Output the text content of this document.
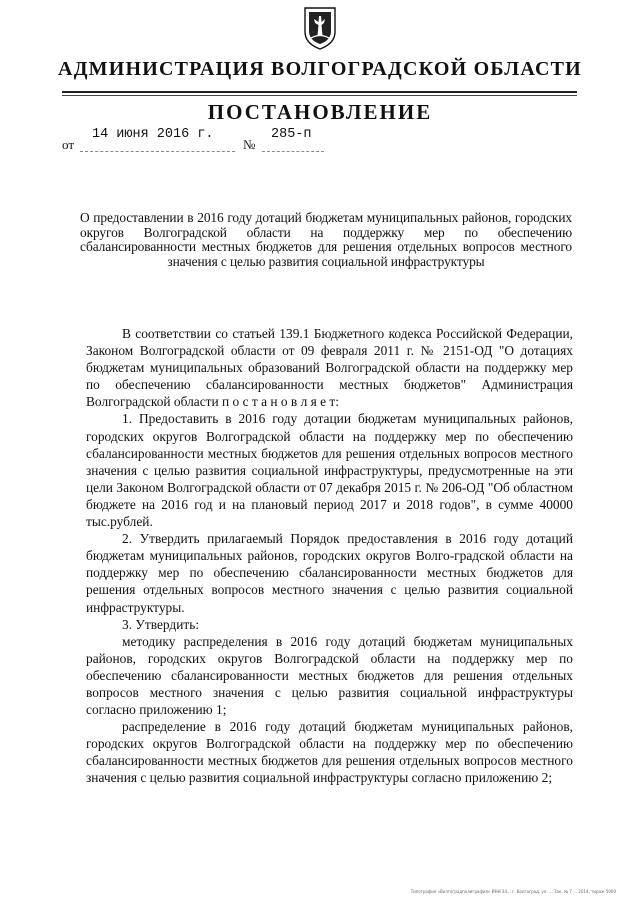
АДМИНИСТРАЦИЯ ВОЛГОГРАДСКОЙ ОБЛАСТИ
ПОСТАНОВЛЕНИЕ
от
14 июня 2016 г.
№
285-п
О предоставлении в 2016 году дотаций бюджетам муниципальных районов, городских округов Волгоградской области на поддержку мер по обеспечению сбалансированности местных бюджетов для решения отдельных вопросов местного значения с целью развития социальной инфраструктуры

В соответствии со статьей 139.1 Бюджетного кодекса Российской Федерации, Законом Волгоградской области от 09 февраля 2011 г. № 2151-ОД "О дотациях бюджетам муниципальных образований Волгоградской области на поддержку мер по обеспечению сбалансированности местных бюджетов" Администрация Волгоградской области п о с т а н о в л я е т:

1. Предоставить в 2016 году дотации бюджетам муниципальных районов, городских округов Волгоградской области на поддержку мер по обеспечению сбалансированности местных бюджетов для решения отдельных вопросов местного значения с целью развития социальной инфраструктуры, предусмотренные на эти цели Законом Волгоградской области от 07 декабря 2015 г. № 206-ОД "Об областном бюджете на 2016 год и на плановый период 2017 и 2018 годов", в сумме 40000 тыс.рублей.

2. Утвердить прилагаемый Порядок предоставления в 2016 году дотаций бюджетам муниципальных районов, городских округов Волго-градской области на поддержку мер по обеспечению сбалансированности местных бюджетов для решения отдельных вопросов местного значения с целью развития социальной инфраструктуры.

3. Утвердить:

методику распределения в 2016 году дотаций бюджетам муниципальных районов, городских округов Волгоградской области на поддержку мер по обеспечению сбалансированности местных бюджетов для решения отдельных вопросов местного значения с целью развития социальной инфраструктуры согласно приложению 1;

распределение в 2016 году дотаций бюджетам муниципальных районов, городских округов Волгоградской области на поддержку мер по обеспечению сбалансированности местных бюджетов для решения отдельных вопросов местного значения с целью развития социальной инфраструктуры согласно приложению 2;

Типография «Волгоградполиграфия» ИНН 34... г. Волгоград, ул. ... Зак. № 7 ... 2014, тираж 5000
